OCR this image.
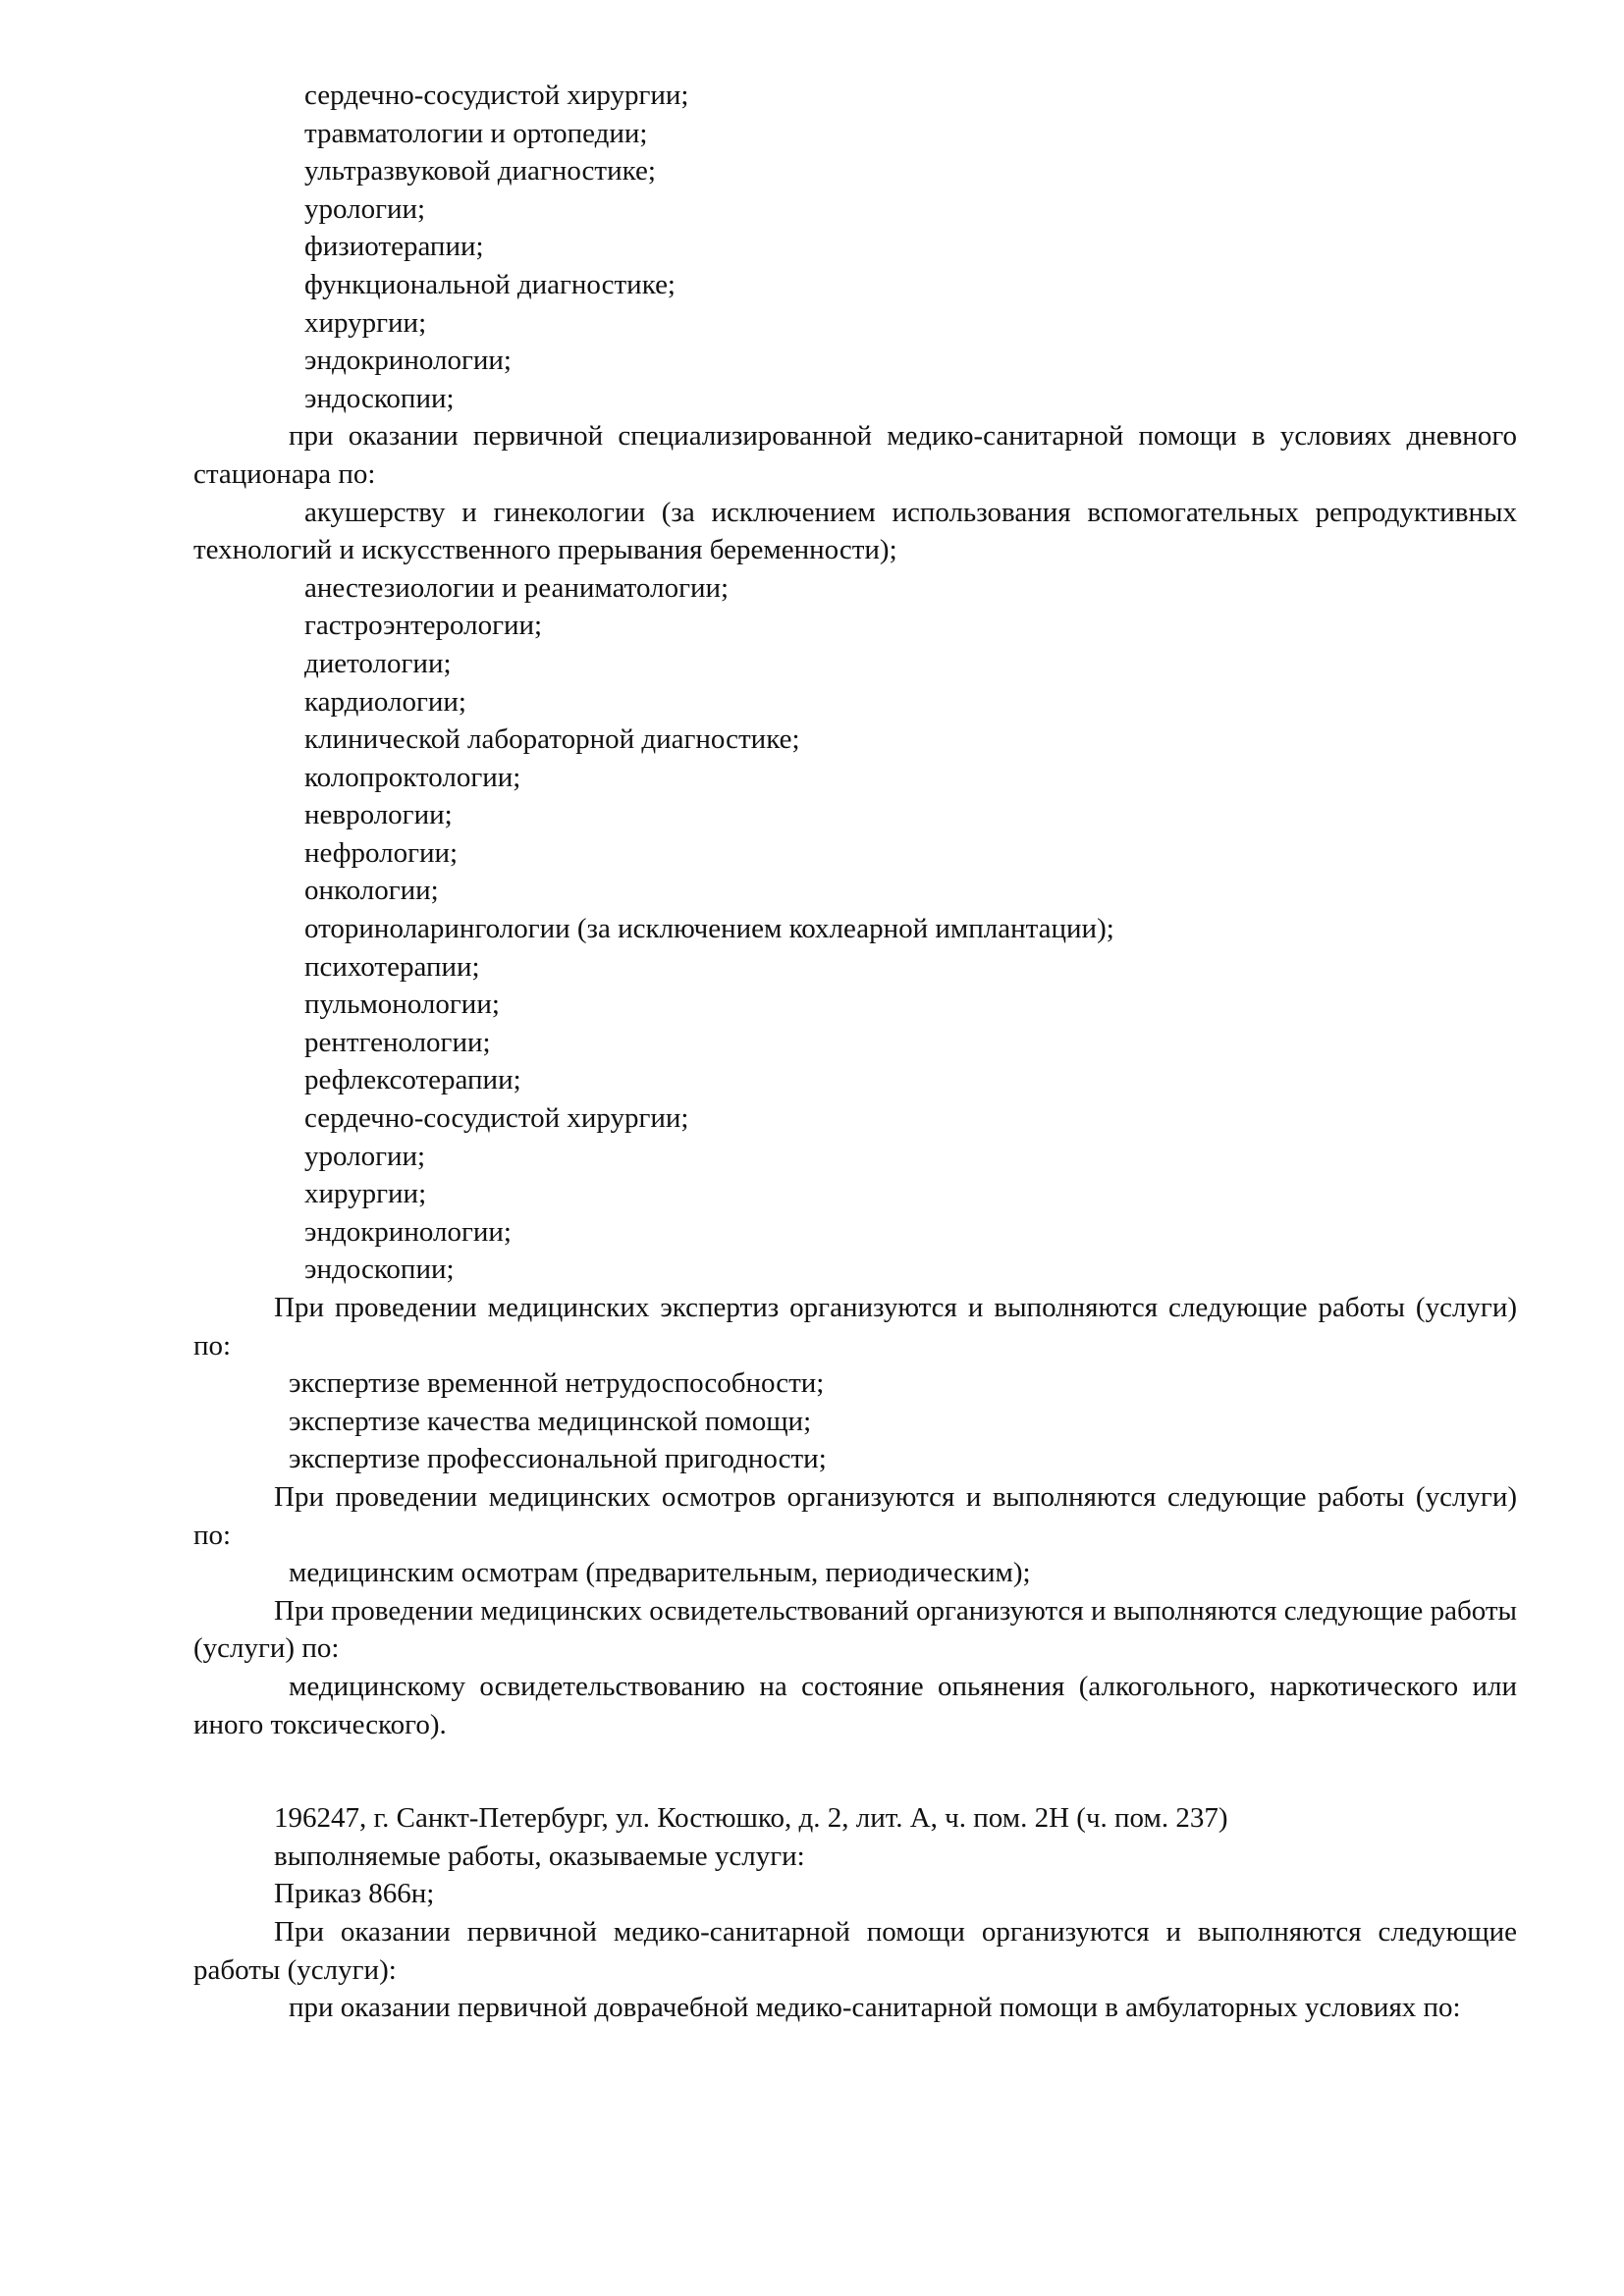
сердечно-сосудистой хирургии;

травматологии и ортопедии;

ультразвуковой диагностике;

урологии;

физиотерапии;

функциональной диагностике;

хирургии;

эндокринологии;

эндоскопии;

при оказании первичной специализированной медико-санитарной помощи в условиях дневного стационара по:

акушерству и гинекологии (за исключением использования вспомогательных репродуктивных технологий и искусственного прерывания беременности);

анестезиологии и реаниматологии;

гастроэнтерологии;

диетологии;

кардиологии;

клинической лабораторной диагностике;

колопроктологии;

неврологии;

нефрологии;

онкологии;

оториноларингологии (за исключением кохлеарной имплантации);

психотерапии;

пульмонологии;

рентгенологии;

рефлексотерапии;

сердечно-сосудистой хирургии;

урологии;

хирургии;

эндокринологии;

эндоскопии;

При проведении медицинских экспертиз организуются и выполняются следующие работы (услуги) по:

экспертизе временной нетрудоспособности;

экспертизе качества медицинской помощи;

экспертизе профессиональной пригодности;

При проведении медицинских осмотров организуются и выполняются следующие работы (услуги) по:

медицинским осмотрам (предварительным, периодическим);

При проведении медицинских освидетельствований организуются и выполняются следующие работы (услуги) по:

медицинскому освидетельствованию на состояние опьянения (алкогольного, наркотического или иного токсического).

196247, г. Санкт-Петербург, ул. Костюшко, д. 2, лит. А, ч. пом. 2Н (ч. пом. 237)

выполняемые работы, оказываемые услуги:

Приказ 866н;

При оказании первичной медико-санитарной помощи организуются и выполняются следующие работы (услуги):

при оказании первичной доврачебной медико-санитарной помощи в амбулаторных условиях по:
